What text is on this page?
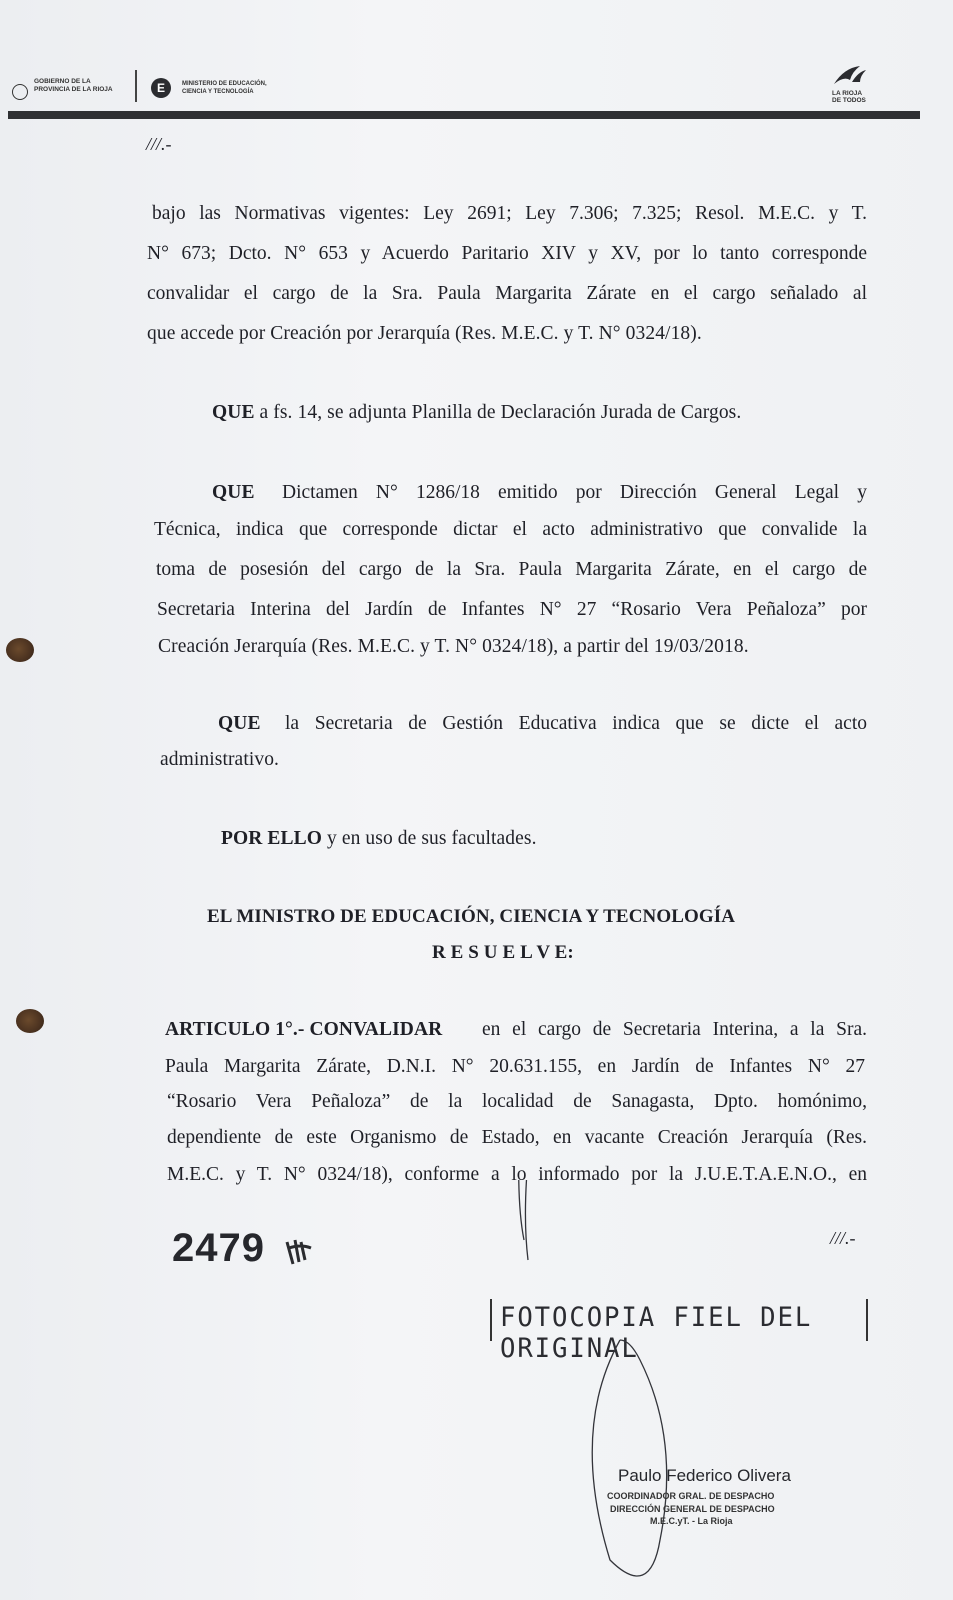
GOBIERNO DE LA
PROVINCIA DE LA RIOJA	E	MINISTERIO DE EDUCACIÓN,
CIENCIA Y TECNOLOGÍA	LA RIOJA
DE TODOS
///.-
bajo las Normativas vigentes: Ley 2691; Ley 7.306; 7.325; Resol. M.E.C. y T.
N° 673; Dcto. N° 653 y Acuerdo Paritario XIV y XV, por lo tanto corresponde
convalidar el cargo de la Sra. Paula Margarita Zárate en el cargo señalado al
que accede por Creación por Jerarquía (Res. M.E.C. y T. N° 0324/18).
QUE a fs. 14, se adjunta Planilla de Declaración Jurada de Cargos.
QUE Dictamen N° 1286/18 emitido por Dirección General Legal y
Técnica, indica que corresponde dictar el acto administrativo que convalide la
toma de posesión del cargo de la Sra. Paula Margarita Zárate, en el cargo de
Secretaria Interina del Jardín de Infantes N° 27 “Rosario Vera Peñaloza” por
Creación Jerarquía (Res. M.E.C. y T. N° 0324/18), a partir del 19/03/2018.
QUE la Secretaria de Gestión Educativa indica que se dicte el acto
administrativo.
POR ELLO y en uso de sus facultades.
EL MINISTRO DE EDUCACIÓN, CIENCIA Y TECNOLOGÍA
R E S U E L V E:
ARTICULO 1°.- CONVALIDAR en el cargo de Secretaria Interina, a la Sra.
Paula Margarita Zárate, D.N.I. N° 20.631.155, en Jardín de Infantes N° 27
“Rosario Vera Peñaloza” de la localidad de Sanagasta, Dpto. homónimo,
dependiente de este Organismo de Estado, en vacante Creación Jerarquía (Res.
M.E.C. y T. N° 0324/18), conforme a lo informado por la J.U.E.T.A.E.N.O., en
///.-
2479
FOTOCOPIA FIEL DEL ORIGINAL
Paulo Federico Olivera
COORDINADOR GRAL. DE DESPACHO
DIRECCIÓN GENERAL DE DESPACHO
M.E.C.yT. - La Rioja
